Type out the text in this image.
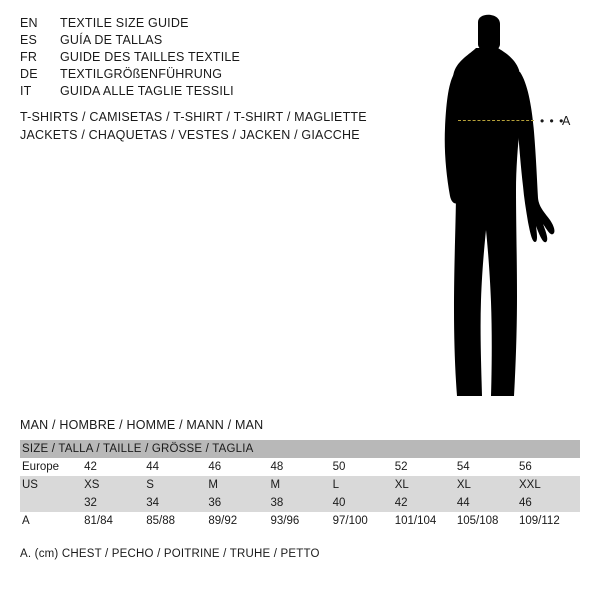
EN	TEXTILE SIZE GUIDE
ES	GUÍA DE TALLAS
FR	GUIDE DES TAILLES TEXTILE
DE	TEXTILGRÖßENFÜHRUNG
IT	GUIDA ALLE TAGLIE TESSILI
T-SHIRTS / CAMISETAS / T-SHIRT / T-SHIRT / MAGLIETTE
JACKETS / CHAQUETAS / VESTES / JACKEN / GIACCHE
• • •
A
MAN / HOMBRE / HOMME / MANN / MAN
SIZE / TALLA / TAILLE / GRÖSSE / TAGLIA								
Europe	42	44	46	48	50	52	54	56
US	XS	S	M	M	L	XL	XL	XXL
	32	34	36	38	40	42	44	46
A	81/84	85/88	89/92	93/96	97/100	101/104	105/108	109/112
A. (cm) CHEST / PECHO / POITRINE / TRUHE / PETTO
